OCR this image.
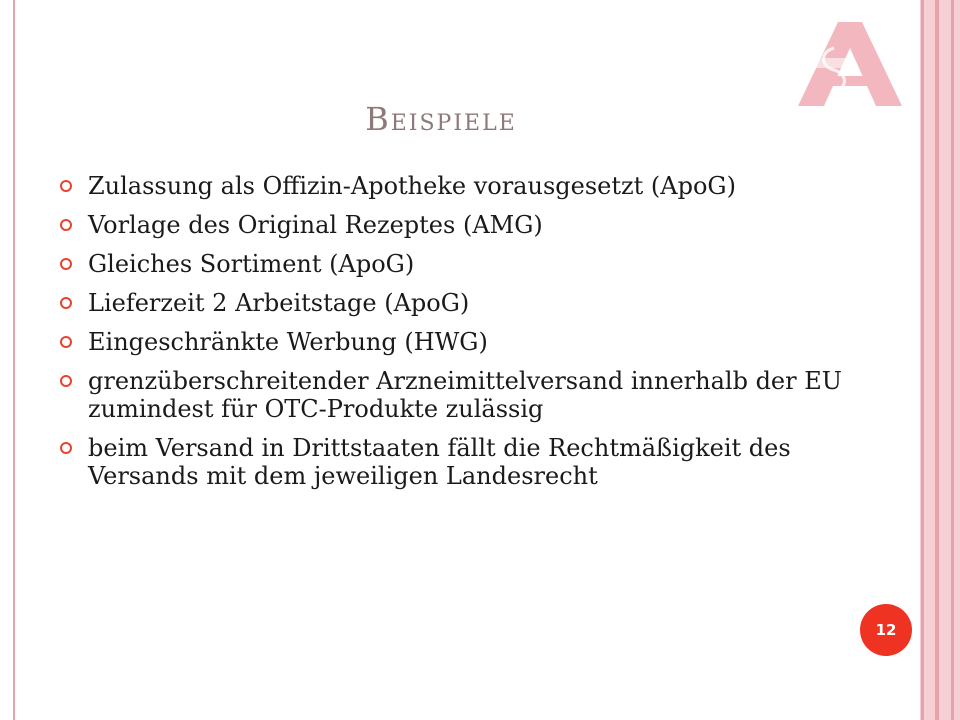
Beispiele
Zulassung als Offizin-Apotheke vorausgesetzt (ApoG)
Vorlage des Original Rezeptes (AMG)
Gleiches Sortiment (ApoG)
Lieferzeit 2 Arbeitstage (ApoG)
Eingeschränkte Werbung (HWG)
grenzüberschreitender Arzneimittelversand innerhalb der EU zumindest für OTC-Produkte zulässig
beim Versand in Drittstaaten fällt die Rechtmäßigkeit des Versands mit dem jeweiligen Landesrecht
12
